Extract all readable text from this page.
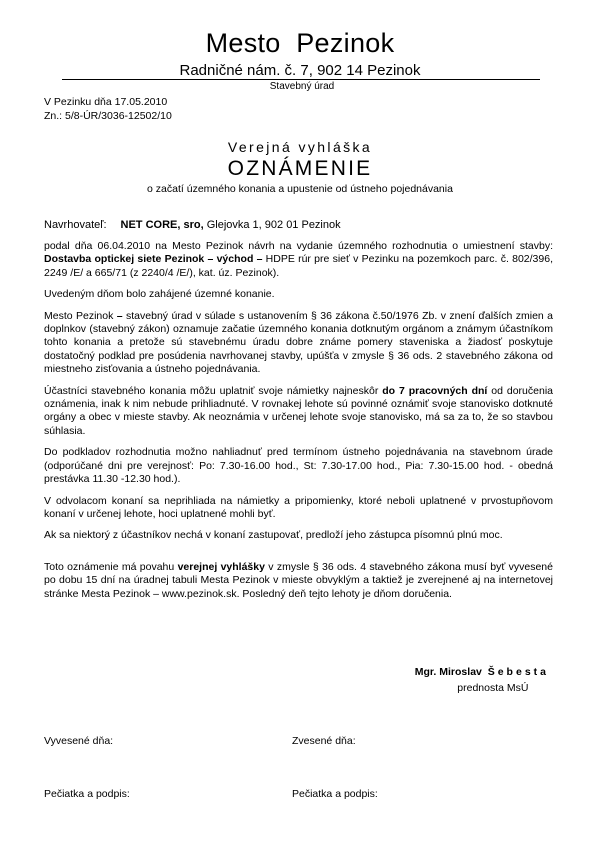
Mesto  Pezinok
Radničné nám. č. 7, 902 14 Pezinok
Stavebný úrad
V Pezinku dňa 17.05.2010
Zn.: 5/8-ÚR/3036-12502/10
Verejná vyhláška
OZNÁMENIE
o začatí územného konania a upustenie od ústneho pojednávania
Navrhovateľ: NET CORE, sro, Glejovka 1, 902 01 Pezinok

podal dňa 06.04.2010 na Mesto Pezinok návrh na vydanie územného rozhodnutia o umiestnení stavby: Dostavba optickej siete Pezinok – východ – HDPE rúr pre sieť v Pezinku na pozemkoch parc. č. 802/396, 2249 /E/ a 665/71 (z 2240/4 /E/), kat. úz. Pezinok).

Uvedeným dňom bolo zahájené územné konanie.

Mesto Pezinok – stavebný úrad v súlade s ustanovením § 36 zákona č.50/1976 Zb. v znení ďalších zmien a doplnkov (stavebný zákon) oznamuje začatie územného konania dotknutým orgánom a známym účastníkom tohto konania a pretože sú stavebnému úradu dobre známe pomery staveniska a žiadosť poskytuje dostatočný podklad pre posúdenia navrhovanej stavby, upúšťa v zmysle § 36 ods. 2 stavebného zákona od miestneho zisťovania a ústneho pojednávania.

Účastníci stavebného konania môžu uplatniť svoje námietky najneskôr do 7 pracovných dní od doručenia oznámenia, inak k nim nebude prihliadnuté. V rovnakej lehote sú povinné oznámiť svoje stanovisko dotknuté orgány a obec v mieste stavby. Ak neoznámia v určenej lehote svoje stanovisko, má sa za to, že so stavbou súhlasia.

Do podkladov rozhodnutia možno nahliadnuť pred termínom ústneho pojednávania na stavebnom úrade (odporúčané dni pre verejnosť: Po: 7.30-16.00 hod., St: 7.30-17.00 hod., Pia: 7.30-15.00 hod. - obedná prestávka 11.30 -12.30 hod.).

V odvolacom konaní sa neprihliada na námietky a pripomienky, ktoré neboli uplatnené v prvostupňovom konaní v určenej lehote, hoci uplatnené mohli byť.

Ak sa niektorý z účastníkov nechá v konaní zastupovať, predloží jeho zástupca písomnú plnú moc.

Toto oznámenie má povahu verejnej vyhlášky v zmysle § 36 ods. 4 stavebného zákona musí byť vyvesené po dobu 15 dní na úradnej tabuli Mesta Pezinok v mieste obvyklým a taktiež je zverejnené aj na internetovej stránke Mesta Pezinok – www.pezinok.sk. Posledný deň tejto lehoty je dňom doručenia.

Mgr. Miroslav Šebesta
prednosta MsÚ
Vyvesené dňa:	Zvesené dňa:
Pečiatka a podpis:	Pečiatka a podpis:
